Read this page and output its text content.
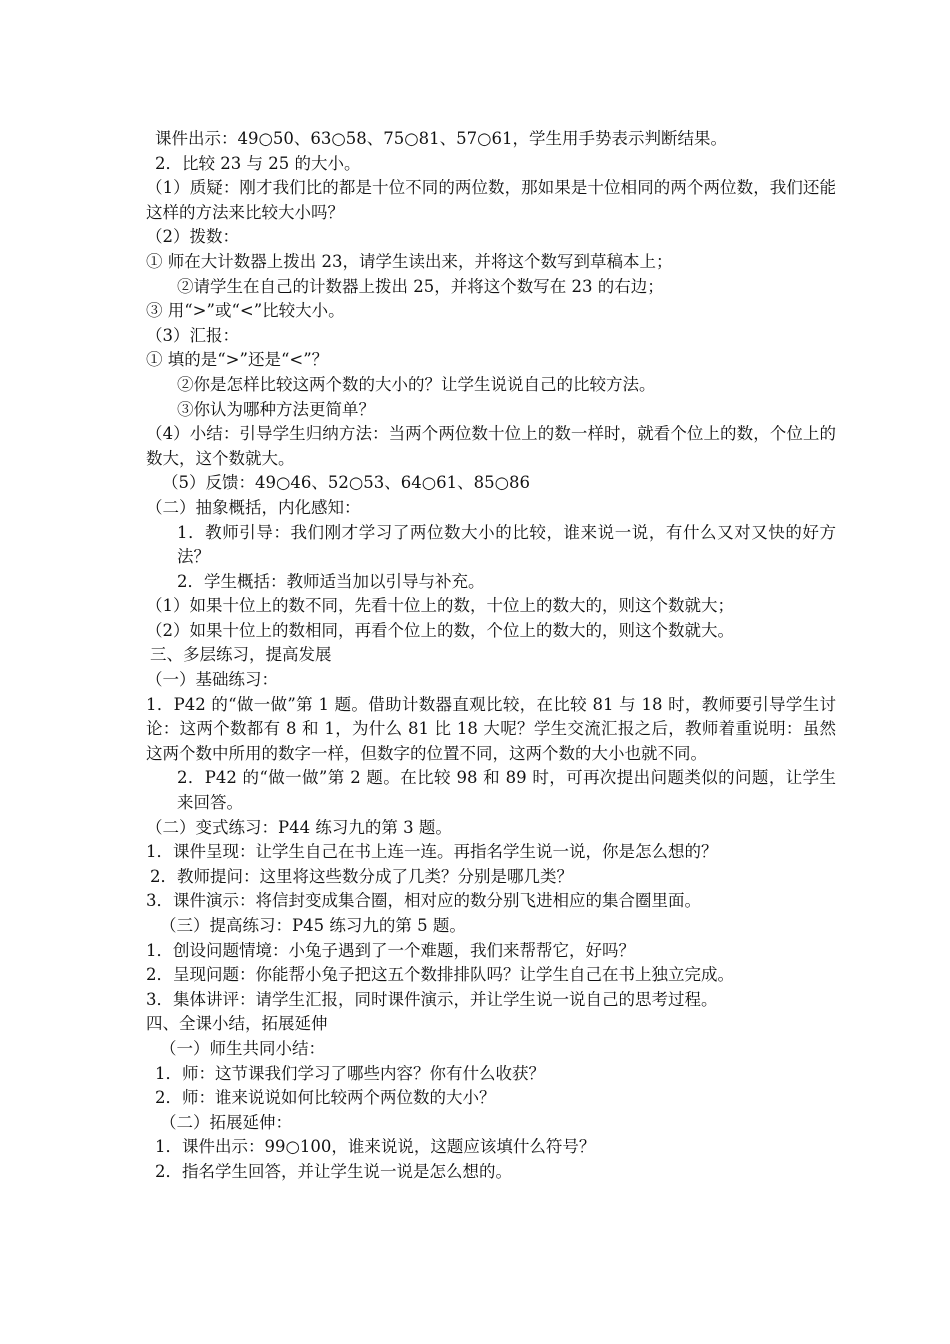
课件出示：49○50、63○58、75○81、57○61，学生用手势表示判断结果。
2．比较 23 与 25 的大小。
（1）质疑：刚才我们比的都是十位不同的两位数，那如果是十位相同的两个两位数，我们还能这样的方法来比较大小吗？
（2）拨数：
① 师在大计数器上拨出 23，请学生读出来，并将这个数写到草稿本上；
②请学生在自己的计数器上拨出 25，并将这个数写在 23 的右边；
③ 用“>”或“<”比较大小。
（3）汇报：
① 填的是“>”还是“<”？
②你是怎样比较这两个数的大小的？让学生说说自己的比较方法。
③你认为哪种方法更简单？
（4）小结：引导学生归纳方法：当两个两位数十位上的数一样时，就看个位上的数，个位上的数大，这个数就大。
（5）反馈：49○46、52○53、64○61、85○86
（二）抽象概括，内化感知：
1．教师引导：我们刚才学习了两位数大小的比较，谁来说一说，有什么又对又快的好方法？
2．学生概括：教师适当加以引导与补充。
（1）如果十位上的数不同，先看十位上的数，十位上的数大的，则这个数就大；
（2）如果十位上的数相同，再看个位上的数，个位上的数大的，则这个数就大。
三、多层练习，提高发展
（一）基础练习：
1．P42 的“做一做”第 1 题。借助计数器直观比较，在比较 81 与 18 时，教师要引导学生讨论：这两个数都有 8 和 1，为什么 81 比 18 大呢？学生交流汇报之后，教师着重说明：虽然这两个数中所用的数字一样，但数字的位置不同，这两个数的大小也就不同。
2．P42 的“做一做”第 2 题。在比较 98 和 89 时，可再次提出问题类似的问题，让学生来回答。
（二）变式练习：P44 练习九的第 3 题。
1．课件呈现：让学生自己在书上连一连。再指名学生说一说，你是怎么想的？
2．教师提问：这里将这些数分成了几类？分别是哪几类？
3．课件演示：将信封变成集合圈，相对应的数分别飞进相应的集合圈里面。
（三）提高练习：P45 练习九的第 5 题。
1．创设问题情境：小兔子遇到了一个难题，我们来帮帮它，好吗？
2．呈现问题：你能帮小兔子把这五个数排排队吗？让学生自己在书上独立完成。
3．集体讲评：请学生汇报，同时课件演示，并让学生说一说自己的思考过程。
四、全课小结，拓展延伸
（一）师生共同小结：
1．师：这节课我们学习了哪些内容？你有什么收获？
2．师：谁来说说如何比较两个两位数的大小？
（二）拓展延伸：
1．课件出示：99○100，谁来说说，这题应该填什么符号？
2．指名学生回答，并让学生说一说是怎么想的。
